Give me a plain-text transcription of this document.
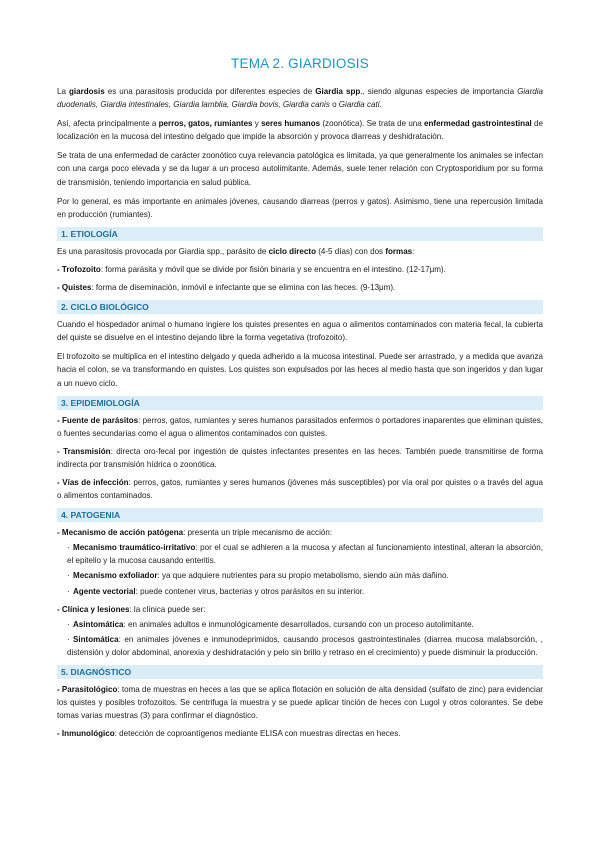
TEMA 2. GIARDIOSIS

La giardosis es una parasitosis producida por diferentes especies de Giardia spp., siendo algunas especies de importancia Giardia duodenalis, Giardia intestinales, Giardia lamblia, Giardia bovis, Giardia canis o Giardia cati.

Así, afecta principalmente a perros, gatos, rumiantes y seres humanos (zoonótica). Se trata de una enfermedad gastrointestinal de localización en la mucosa del intestino delgado que impide la absorción y provoca diarreas y deshidratación.

Se trata de una enfermedad de carácter zoonótico cuya relevancia patológica es limitada, ya que generalmente los animales se infectan con una carga poco elevada y se da lugar a un proceso autolimitante. Además, suele tener relación con Cryptosporidium por su forma de transmisión, teniendo importancia en salud pública.

Por lo general, es más importante en animales jóvenes, causando diarreas (perros y gatos). Asimismo, tiene una repercusión limitada en producción (rumiantes).

1. ETIOLOGÍA

Es una parasitosis provocada por Giardia spp., parásito de ciclo directo (4-5 días) con dos formas:

- Trofozoito: forma parásita y móvil que se divide por fisión binaria y se encuentra en el intestino. (12-17μm).

- Quistes: forma de diseminación, inmóvil e infectante que se elimina con las heces. (9-13μm).

2. CICLO BIOLÓGICO

Cuando el hospedador animal o humano ingiere los quistes presentes en agua o alimentos contaminados con materia fecal, la cubierta del quiste se disuelve en el intestino dejando libre la forma vegetativa (trofozoito).

El trofozoito se multiplica en el intestino delgado y queda adherido a la mucosa intestinal. Puede ser arrastrado, y a medida que avanza hacia el colon, se va transformando en quistes. Los quistes son expulsados por las heces al medio hasta que son ingeridos y dan lugar a un nuevo ciclo.

3. EPIDEMIOLOGÍA

- Fuente de parásitos: perros, gatos, rumiantes y seres humanos parasitados enfermos o portadores inaparentes que eliminan quistes, o fuentes secundarias como el agua o alimentos contaminados con quistes.

- Transmisión: directa oro-fecal por ingestión de quistes infectantes presentes en las heces. También puede transmitirse de forma indirecta por transmisión hídrica o zoonótica.

- Vías de infección: perros, gatos, rumiantes y seres humanos (jóvenes más susceptibles) por vía oral por quistes o a través del agua o alimentos contaminados.

4. PATOGENIA

- Mecanismo de acción patógena: presenta un triple mecanismo de acción:

· Mecanismo traumático-irritativo: por el cual se adhieren a la mucosa y afectan al funcionamiento intestinal, alteran la absorción, el epitelio y la mucosa causando enteritis.

· Mecanismo exfoliador: ya que adquiere nutrientes para su propio metabolismo, siendo aún más dañino.

· Agente vectorial: puede contener virus, bacterias y otros parásitos en su interior.

- Clínica y lesiones: la clínica puede ser:

· Asintomática: en animales adultos e inmunológicamente desarrollados, cursando con un proceso autolimitante.

· Sintomática: en animales jóvenes e inmunodeprimidos, causando procesos gastrointestinales (diarrea mucosa malabsorción, , distensión y dolor abdominal, anorexia y deshidratación y pelo sin brillo y retraso en el crecimiento) y puede disminuir la producción.

5. DIAGNÓSTICO

- Parasitológico: toma de muestras en heces a las que se aplica flotación en solución de alta densidad (sulfato de zinc) para evidenciar los quistes y posibles trofozoitos. Se centrifuga la muestra y se puede aplicar tinción de heces con Lugol y otros colorantes. Se debe tomas varias muestras (3) para confirmar el diagnóstico.

- Inmunológico: detección de coproantígenos mediante ELISA con muestras directas en heces.
